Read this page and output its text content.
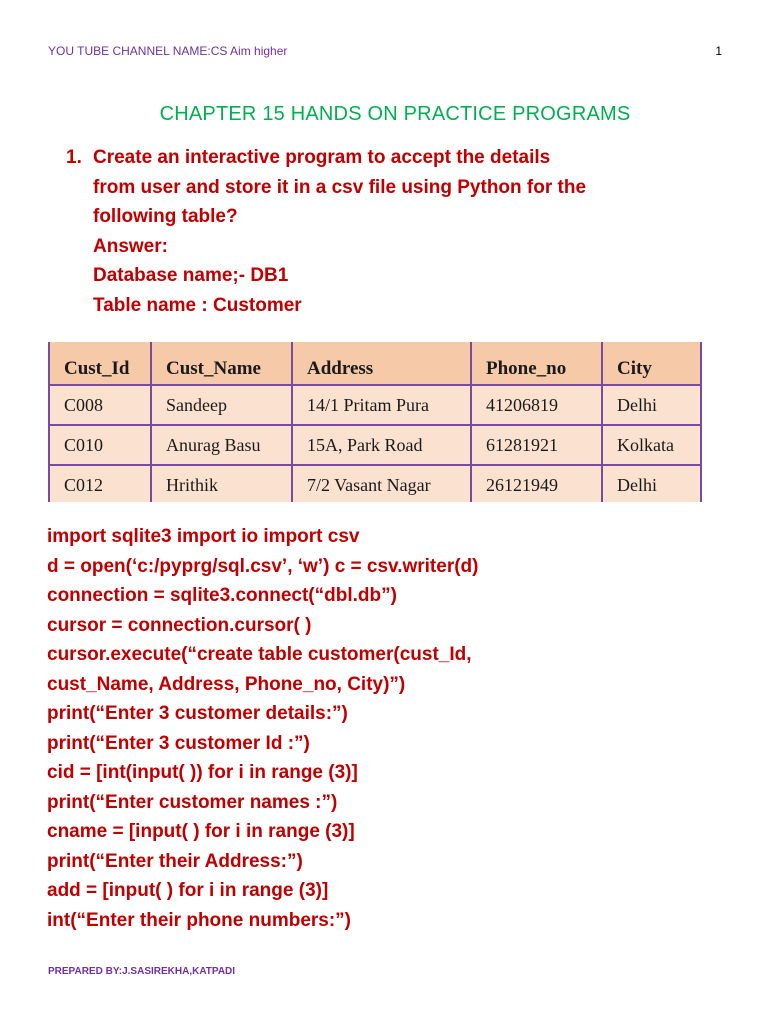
YOU TUBE CHANNEL NAME:CS Aim higher	1
CHAPTER 15 HANDS ON PRACTICE PROGRAMS
1. Create an interactive program to accept the details
from user and store it in a csv file using Python for the
following table?
Answer:
Database name;- DB1
Table name : Customer
Cust_Id	Cust_Name	Address	Phone_no	City
C008	Sandeep	14/1 Pritam Pura	41206819	Delhi
C010	Anurag Basu	15A, Park Road	61281921	Kolkata
C012	Hrithik	7/2 Vasant Nagar	26121949	Delhi
import sqlite3 import io import csv
d = open(‘c:/pyprg/sql.csv’, ‘w’) c = csv.writer(d)
connection = sqlite3.connect(“dbl.db”)
cursor = connection.cursor( )
cursor.execute(“create table customer(cust_Id,
cust_Name, Address, Phone_no, City)”)
print(“Enter 3 customer details:”)
print(“Enter 3 customer Id :”)
cid = [int(input( )) for i in range (3)]
print(“Enter customer names :”)
cname = [input( ) for i in range (3)]
print(“Enter their Address:”)
add = [input( ) for i in range (3)]
int(“Enter their phone numbers:”)
PREPARED BY:J.SASIREKHA,KATPADI
